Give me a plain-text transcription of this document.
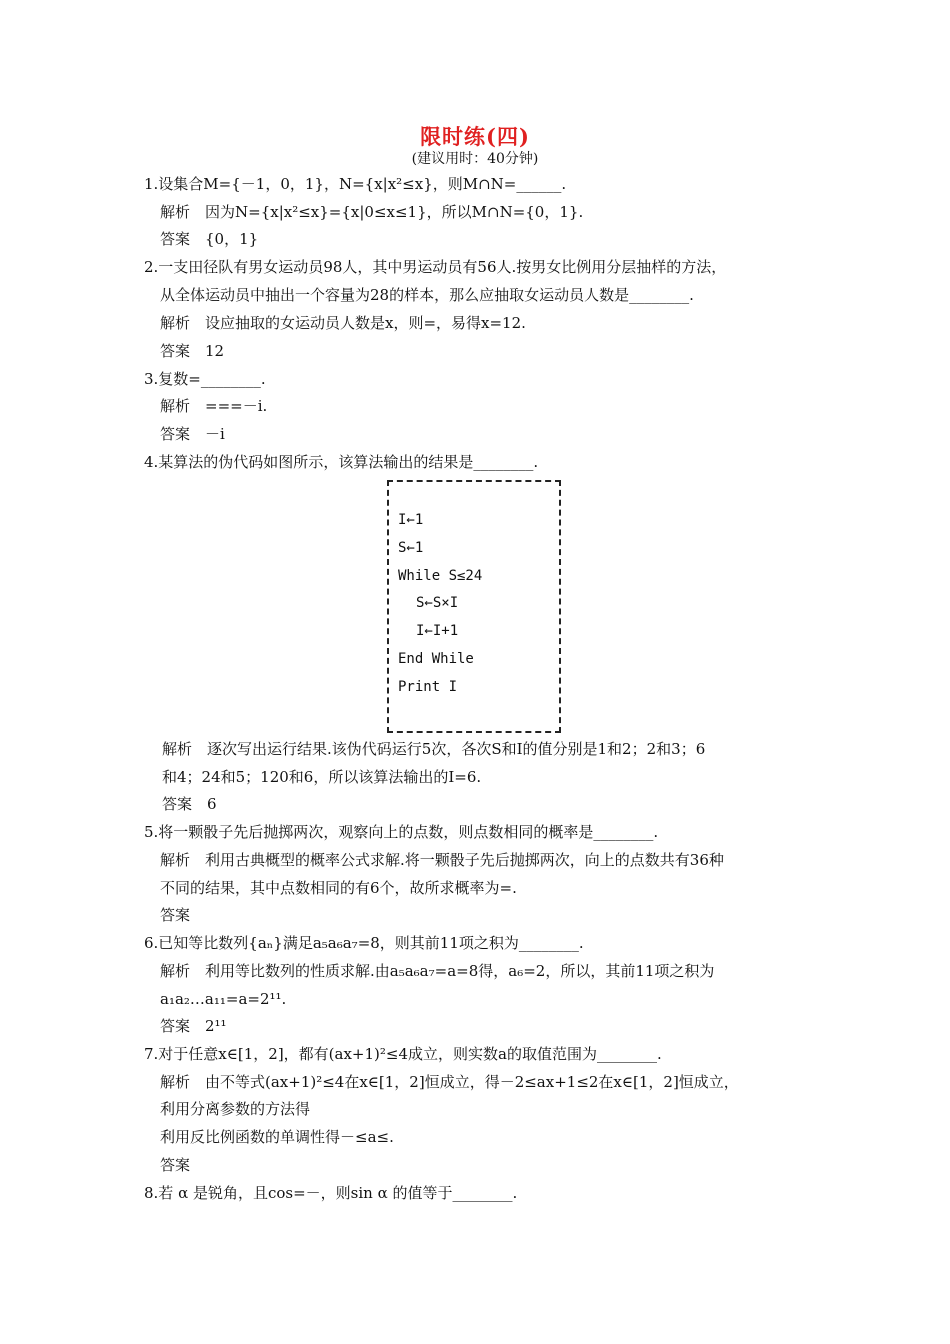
限时练(四)
(建议用时：40分钟)
1.设集合M={－1，0，1}，N={x|x²≤x}，则M∩N=______.
解析　因为N={x|x²≤x}={x|0≤x≤1}，所以M∩N={0，1}.
答案　{0，1}
2.一支田径队有男女运动员98人，其中男运动员有56人.按男女比例用分层抽样的方法，
从全体运动员中抽出一个容量为28的样本，那么应抽取女运动员人数是________.
解析　设应抽取的女运动员人数是x，则=，易得x=12.
答案　12
3.复数=________.
解析　===－i.
答案　－i
4.某算法的伪代码如图所示，该算法输出的结果是________.
解析　逐次写出运行结果.该伪代码运行5次，各次S和I的值分别是1和2；2和3；6
和4；24和5；120和6，所以该算法输出的I=6.
答案　6
5.将一颗骰子先后抛掷两次，观察向上的点数，则点数相同的概率是________.
解析　利用古典概型的概率公式求解.将一颗骰子先后抛掷两次，向上的点数共有36种
不同的结果，其中点数相同的有6个，故所求概率为=.
答案
6.已知等比数列{aₙ}满足a₅a₆a₇=8，则其前11项之积为________.
解析　利用等比数列的性质求解.由a₅a₆a₇=a=8得，a₆=2，所以，其前11项之积为
a₁a₂…a₁₁=a=2¹¹.
答案　2¹¹
7.对于任意x∈[1，2]，都有(ax+1)²≤4成立，则实数a的取值范围为________.
解析　由不等式(ax+1)²≤4在x∈[1，2]恒成立，得－2≤ax+1≤2在x∈[1，2]恒成立，
利用分离参数的方法得
利用反比例函数的单调性得－≤a≤.
答案
8.若 α 是锐角，且cos=－，则sin α 的值等于________.
I←1
S←1
While S≤24
S←S×I
I←I+1
End While
Print I
